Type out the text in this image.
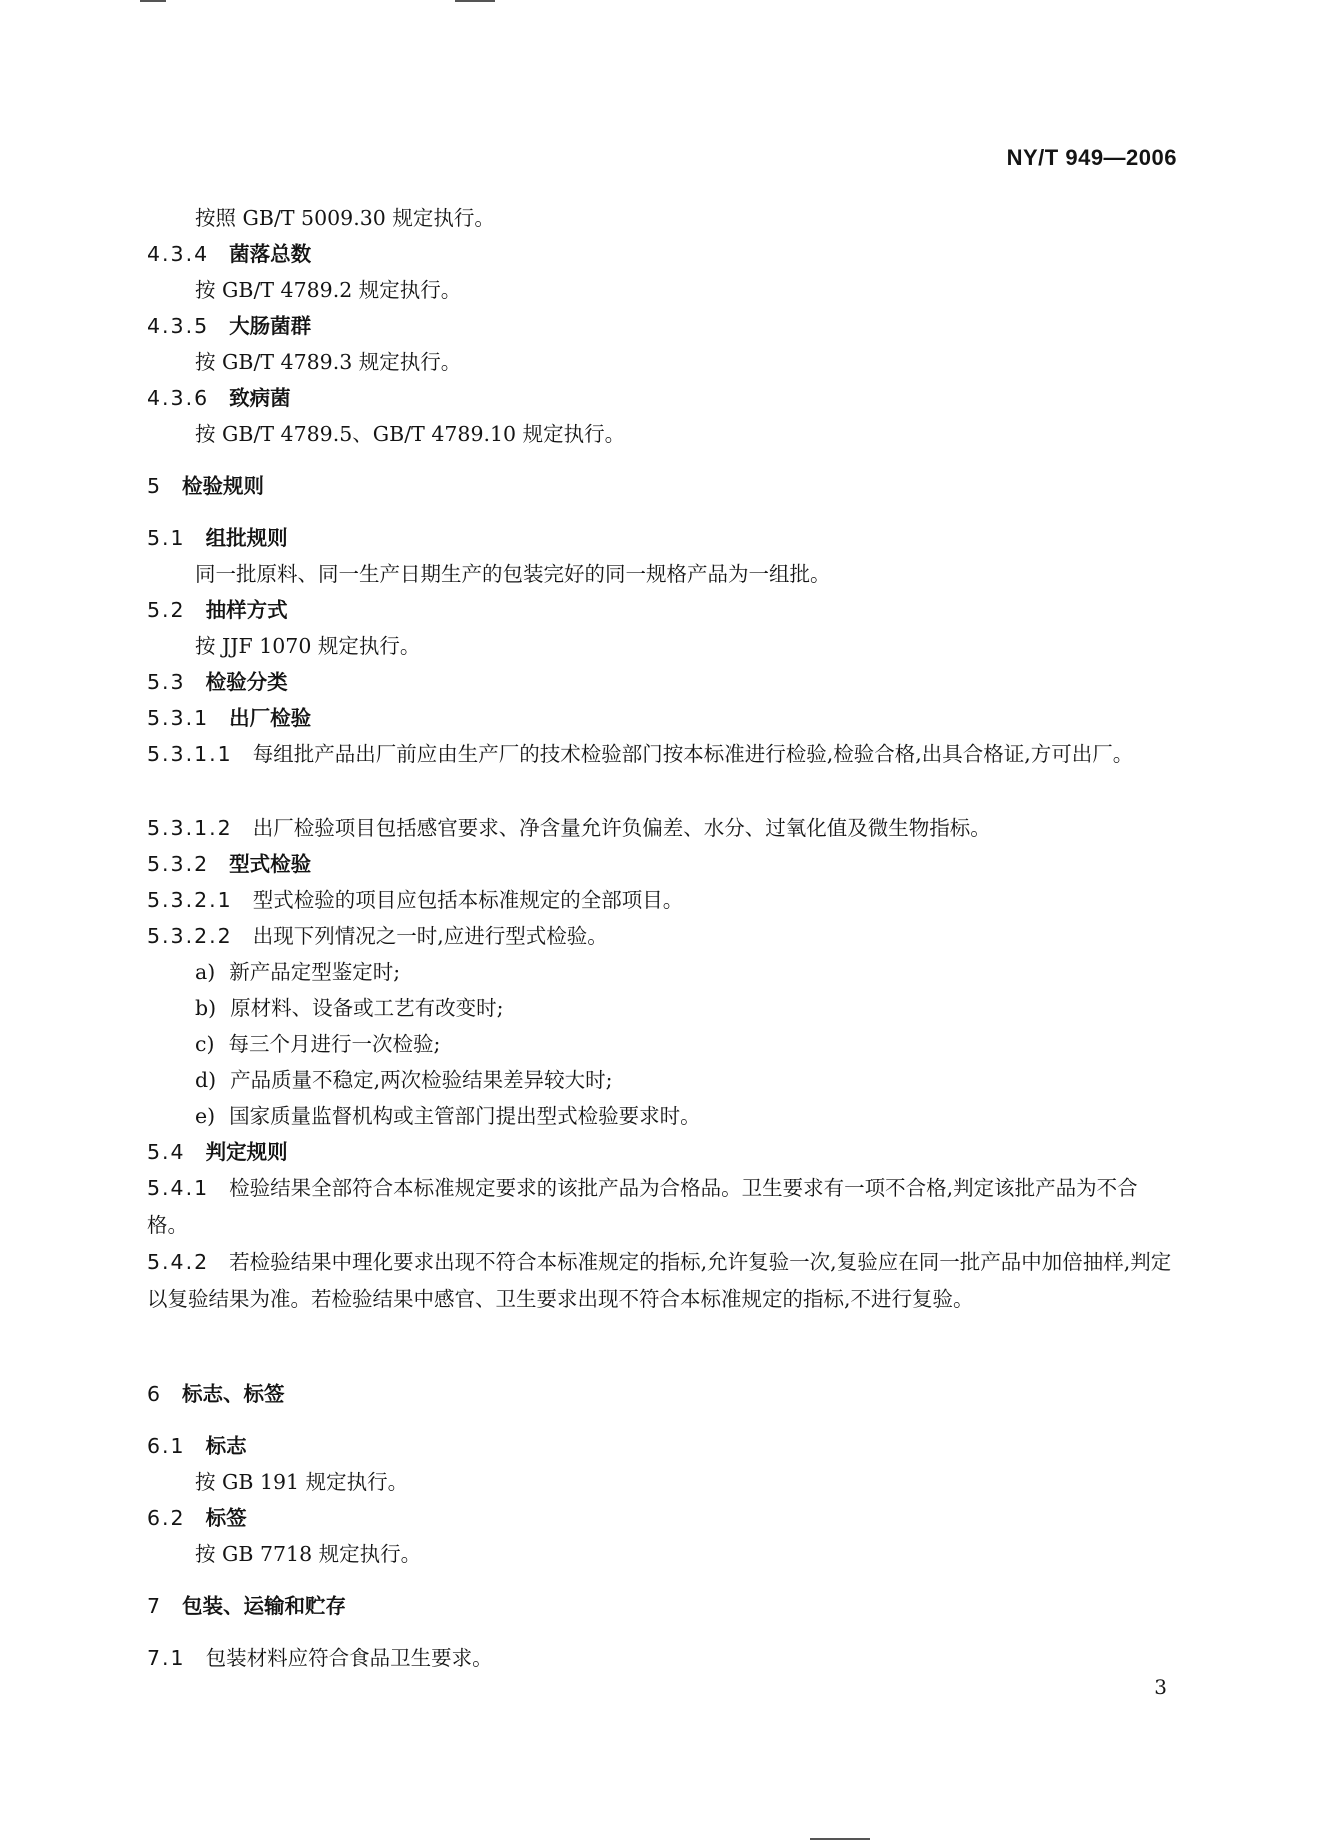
NY/T 949—2006
按照 GB/T 5009.30 规定执行。
4.3.4 菌落总数
按 GB/T 4789.2 规定执行。
4.3.5 大肠菌群
按 GB/T 4789.3 规定执行。
4.3.6 致病菌
按 GB/T 4789.5、GB/T 4789.10 规定执行。
5 检验规则
5.1 组批规则
同一批原料、同一生产日期生产的包装完好的同一规格产品为一组批。
5.2 抽样方式
按 JJF 1070 规定执行。
5.3 检验分类
5.3.1 出厂检验
5.3.1.1 每组批产品出厂前应由生产厂的技术检验部门按本标准进行检验,检验合格,出具合格证,方可出厂。
5.3.1.2 出厂检验项目包括感官要求、净含量允许负偏差、水分、过氧化值及微生物指标。
5.3.2 型式检验
5.3.2.1 型式检验的项目应包括本标准规定的全部项目。
5.3.2.2 出现下列情况之一时,应进行型式检验。
a) 新产品定型鉴定时;
b) 原材料、设备或工艺有改变时;
c) 每三个月进行一次检验;
d) 产品质量不稳定,两次检验结果差异较大时;
e) 国家质量监督机构或主管部门提出型式检验要求时。
5.4 判定规则
5.4.1 检验结果全部符合本标准规定要求的该批产品为合格品。卫生要求有一项不合格,判定该批产品为不合格。
5.4.2 若检验结果中理化要求出现不符合本标准规定的指标,允许复验一次,复验应在同一批产品中加倍抽样,判定以复验结果为准。若检验结果中感官、卫生要求出现不符合本标准规定的指标,不进行复验。
6 标志、标签
6.1 标志
按 GB 191 规定执行。
6.2 标签
按 GB 7718 规定执行。
7 包装、运输和贮存
7.1 包装材料应符合食品卫生要求。
3
